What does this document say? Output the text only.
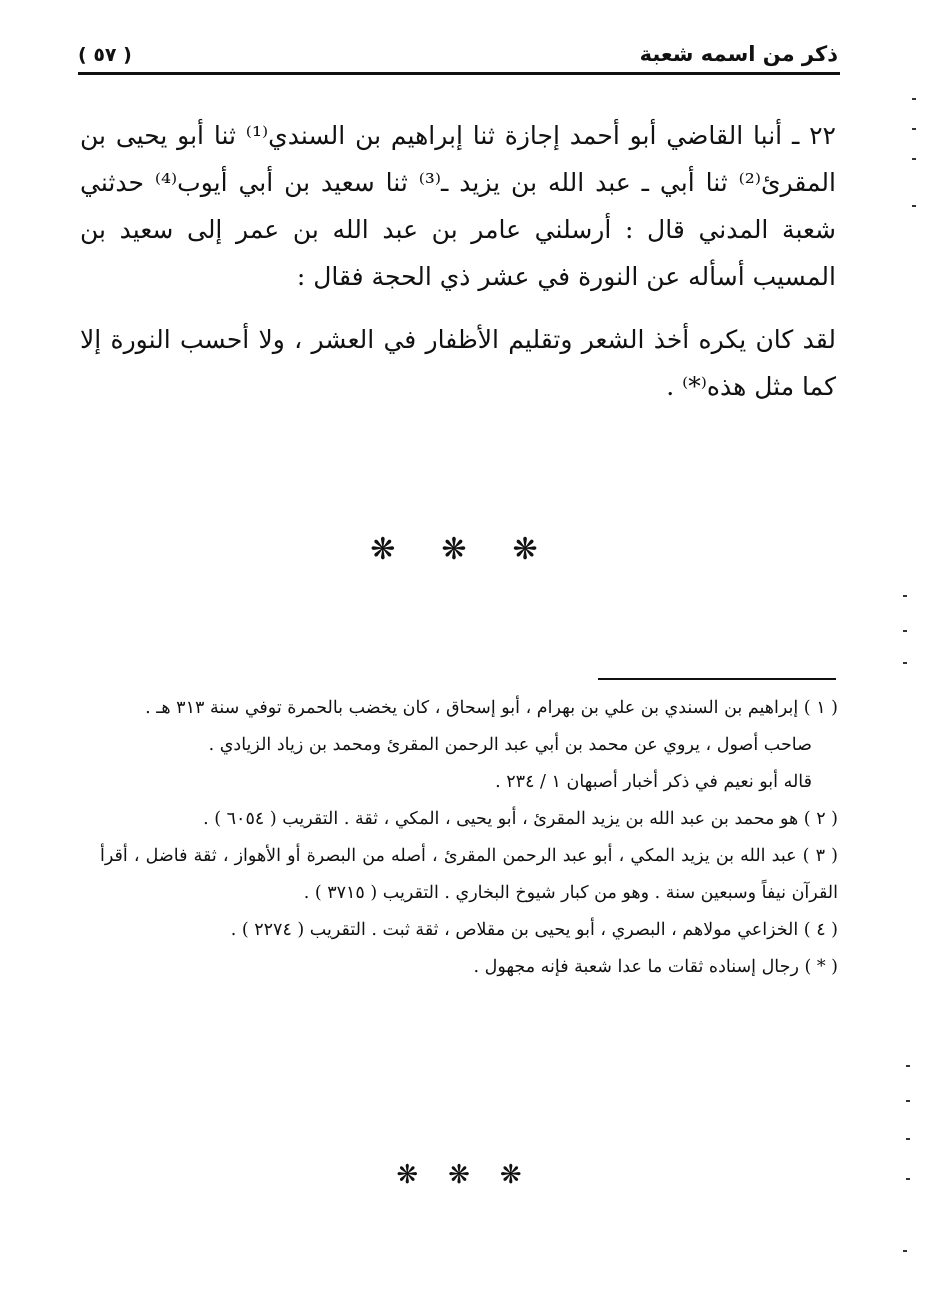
ذكر من اسمه شعبة
( ٥٧ )

٢٢ ـ أنبا القاضي أبو أحمد إجازة ثنا إبراهيم بن السندي⁽¹⁾ ثنا أبو يحيى بن المقرئ⁽²⁾ ثنا أبي ـ عبد الله بن يزيد ـ⁽³⁾ ثنا سعيد بن أبي أيوب⁽⁴⁾ حدثني شعبة المدني قال : أرسلني عامر بن عبد الله بن عمر إلى سعيد بن المسيب أسأله عن النورة في عشر ذي الحجة فقال :

لقد كان يكره أخذ الشعر وتقليم الأظفار في العشر ، ولا أحسب النورة إلا كما مثل هذه⁽*⁾ .

❋❋❋

( ١ ) إبراهيم بن السندي بن علي بن بهرام ، أبو إسحاق ، كان يخضب بالحمرة توفي سنة ٣١٣ هـ .

صاحب أصول ، يروي عن محمد بن أبي عبد الرحمن المقرئ ومحمد بن زياد الزيادي .

قاله أبو نعيم في ذكر أخبار أصبهان ١ / ٢٣٤ .

( ٢ ) هو محمد بن عبد الله بن يزيد المقرئ ، أبو يحيى ، المكي ، ثقة . التقريب ( ٦٠٥٤ ) .

( ٣ ) عبد الله بن يزيد المكي ، أبو عبد الرحمن المقرئ ، أصله من البصرة أو الأهواز ، ثقة فاضل ، أقرأ القرآن نيفاً وسبعين سنة . وهو من كبار شيوخ البخاري . التقريب ( ٣٧١٥ ) .

( ٤ ) الخزاعي مولاهم ، البصري ، أبو يحيى بن مقلاص ، ثقة ثبت . التقريب ( ٢٢٧٤ ) .

( * ) رجال إسناده ثقات ما عدا شعبة فإنه مجهول .

❋❋❋
